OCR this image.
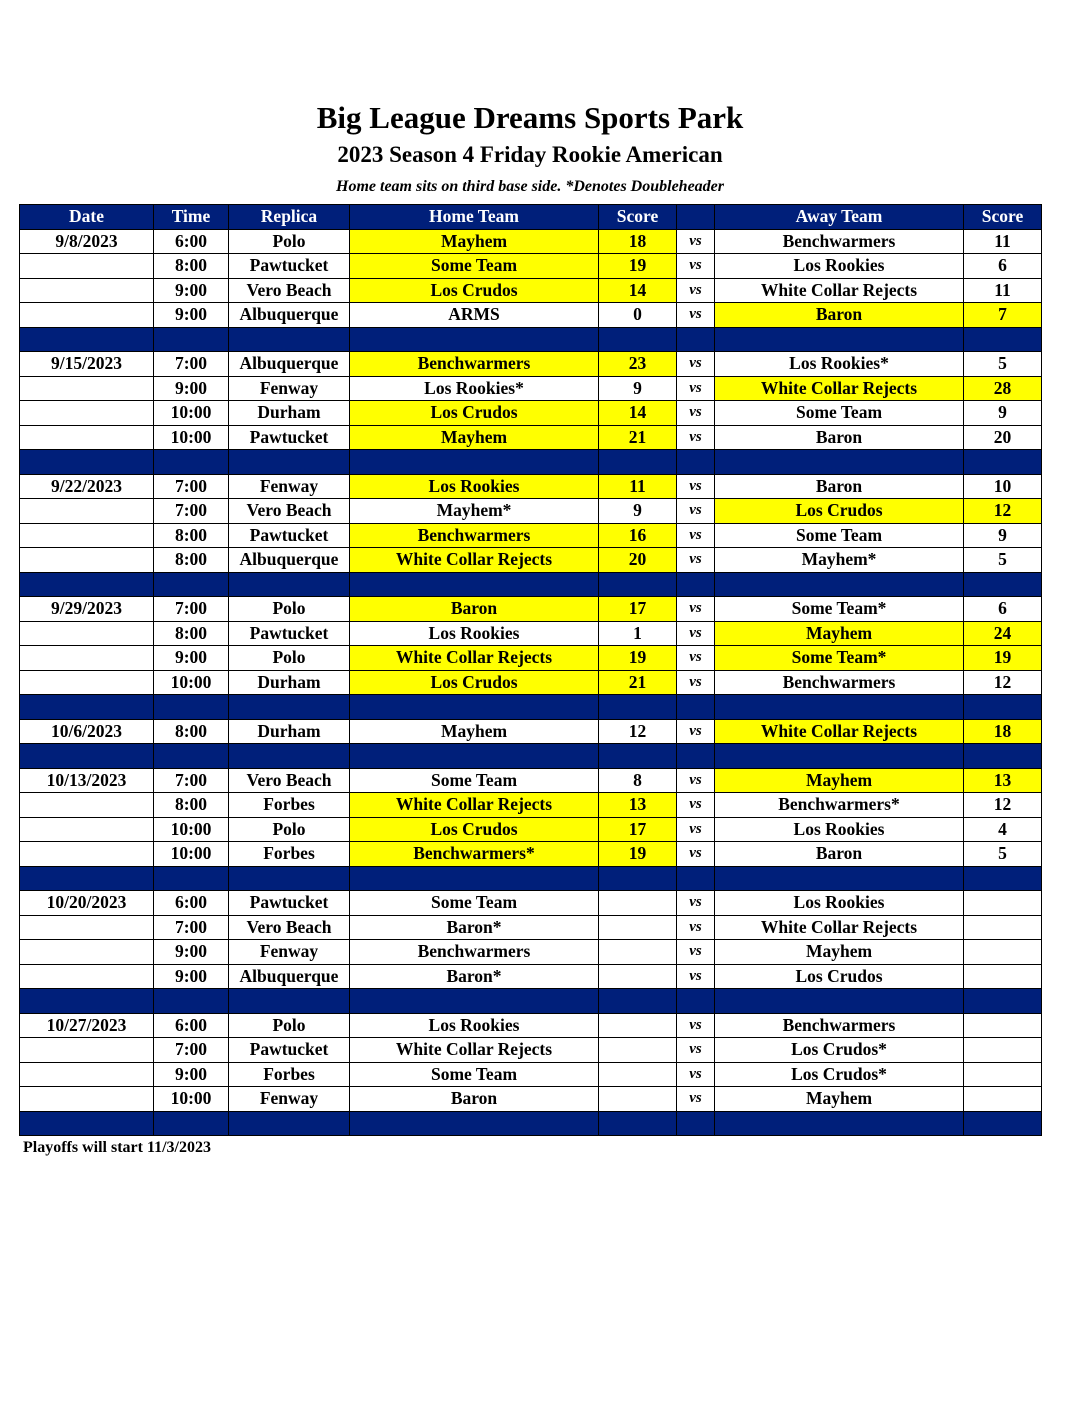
Big League Dreams Sports Park
2023 Season 4 Friday Rookie American
Home team sits on third base side. *Denotes Doubleheader
Date	Time	Replica	Home Team	Score		Away Team	Score
9/8/2023	6:00	Polo	Mayhem	18	vs	Benchwarmers	11
	8:00	Pawtucket	Some Team	19	vs	Los Rookies	6
	9:00	Vero Beach	Los Crudos	14	vs	White Collar Rejects	11
	9:00	Albuquerque	ARMS	0	vs	Baron	7

9/15/2023	7:00	Albuquerque	Benchwarmers	23	vs	Los Rookies*	5
	9:00	Fenway	Los Rookies*	9	vs	White Collar Rejects	28
	10:00	Durham	Los Crudos	14	vs	Some Team	9
	10:00	Pawtucket	Mayhem	21	vs	Baron	20

9/22/2023	7:00	Fenway	Los Rookies	11	vs	Baron	10
	7:00	Vero Beach	Mayhem*	9	vs	Los Crudos	12
	8:00	Pawtucket	Benchwarmers	16	vs	Some Team	9
	8:00	Albuquerque	White Collar Rejects	20	vs	Mayhem*	5

9/29/2023	7:00	Polo	Baron	17	vs	Some Team*	6
	8:00	Pawtucket	Los Rookies	1	vs	Mayhem	24
	9:00	Polo	White Collar Rejects	19	vs	Some Team*	19
	10:00	Durham	Los Crudos	21	vs	Benchwarmers	12

10/6/2023	8:00	Durham	Mayhem	12	vs	White Collar Rejects	18

10/13/2023	7:00	Vero Beach	Some Team	8	vs	Mayhem	13
	8:00	Forbes	White Collar Rejects	13	vs	Benchwarmers*	12
	10:00	Polo	Los Crudos	17	vs	Los Rookies	4
	10:00	Forbes	Benchwarmers*	19	vs	Baron	5

10/20/2023	6:00	Pawtucket	Some Team		vs	Los Rookies	
	7:00	Vero Beach	Baron*		vs	White Collar Rejects	
	9:00	Fenway	Benchwarmers		vs	Mayhem	
	9:00	Albuquerque	Baron*		vs	Los Crudos	

10/27/2023	6:00	Polo	Los Rookies		vs	Benchwarmers	
	7:00	Pawtucket	White Collar Rejects		vs	Los Crudos*	
	9:00	Forbes	Some Team		vs	Los Crudos*	
	10:00	Fenway	Baron		vs	Mayhem	

Playoffs will start 11/3/2023
